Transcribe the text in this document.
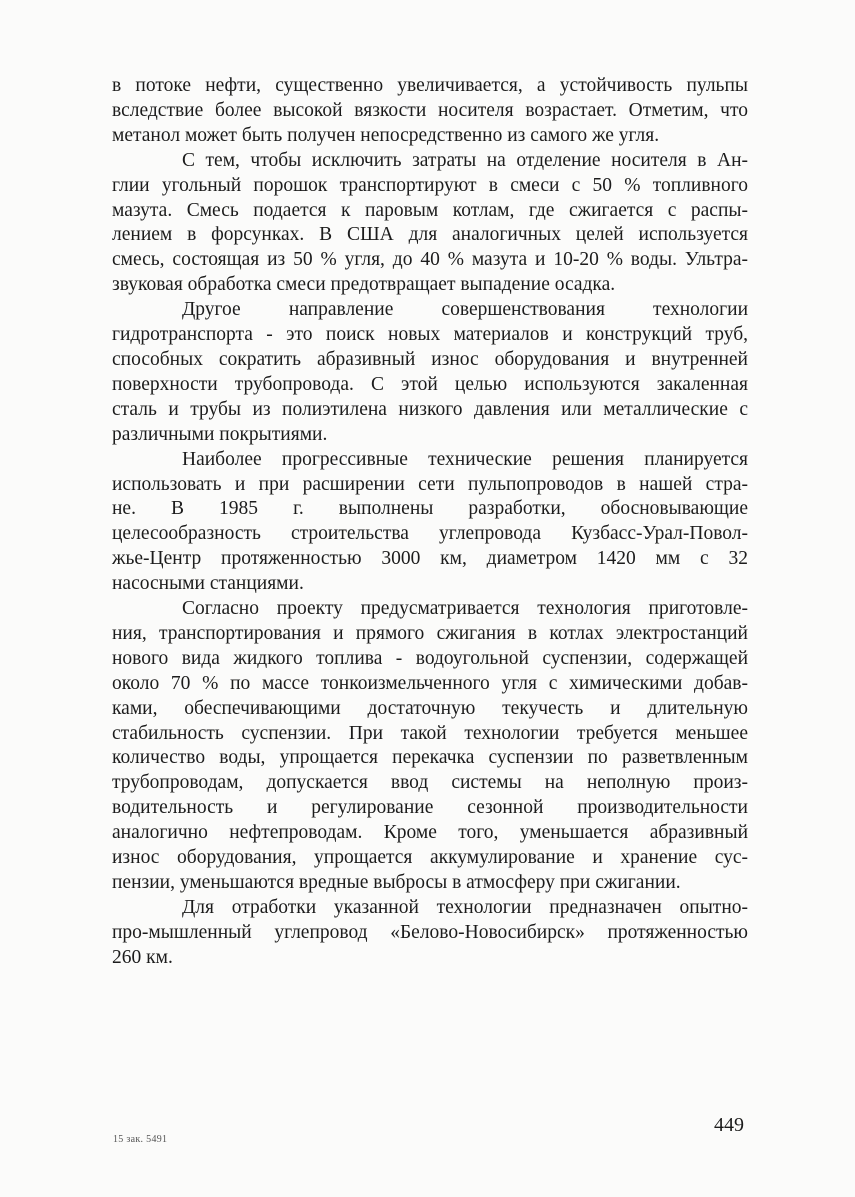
в потоке нефти, существенно увеличивается, а устойчивость пульпы
вследствие более высокой вязкости носителя возрастает. Отметим, что
метанол может быть получен непосредственно из самого же угля.

С тем, чтобы исключить затраты на отделение носителя в Ан-
глии угольный порошок транспортируют в смеси с 50 % топливного
мазута. Смесь подается к паровым котлам, где сжигается с распы-
лением в форсунках. В США для аналогичных целей используется
смесь, состоящая из 50 % угля, до 40 % мазута и 10-20 % воды. Ультра-
звуковая обработка смеси предотвращает выпадение осадка.

Другое направление совершенствования технологии
гидротранспорта - это поиск новых материалов и конструкций труб,
способных сократить абразивный износ оборудования и внутренней
поверхности трубопровода. С этой целью используются закаленная
сталь и трубы из полиэтилена низкого давления или металлические с
различными покрытиями.

Наиболее прогрессивные технические решения планируется
использовать и при расширении сети пульпопроводов в нашей стра-
не. В 1985 г. выполнены разработки, обосновывающие
целесообразность строительства углепровода Кузбасс-Урал-Повол-
жье-Центр протяженностью 3000 км, диаметром 1420 мм с 32
насосными станциями.

Согласно проекту предусматривается технология приготовле-
ния, транспортирования и прямого сжигания в котлах электростанций
нового вида жидкого топлива - водоугольной суспензии, содержащей
около 70 % по массе тонкоизмельченного угля с химическими добав-
ками, обеспечивающими достаточную текучесть и длительную
стабильность суспензии. При такой технологии требуется меньшее
количество воды, упрощается перекачка суспензии по разветвленным
трубопроводам, допускается ввод системы на неполную произ-
водительность и регулирование сезонной производительности
аналогично нефтепроводам. Кроме того, уменьшается абразивный
износ оборудования, упрощается аккумулирование и хранение сус-
пензии, уменьшаются вредные выбросы в атмосферу при сжигании.

Для отработки указанной технологии предназначен опытно-
про-мышленный углепровод «Белово-Новосибирск» протяженностью
260 км.

15 зак. 5491
449
